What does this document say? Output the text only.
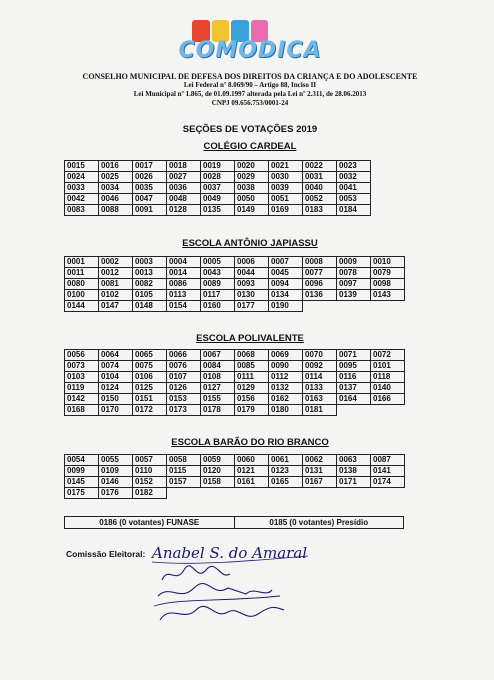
COMODICA
CONSELHO MUNICIPAL DE DEFESA DOS DIREITOS DA CRIANÇA E DO ADOLESCENTE
Lei Federal nº 8.069/90 – Artigo 88, Inciso II
Lei Municipal nº 1.865, de 01.09.1997 alterada pela Lei nº 2.311, de 28.06.2013
CNPJ 09.656.753/0001-24
SEÇÕES DE VOTAÇÕES 2019
COLÉGIO CARDEAL
0015	0016	0017	0018	0019	0020	0021	0022	0023
0024	0025	0026	0027	0028	0029	0030	0031	0032
0033	0034	0035	0036	0037	0038	0039	0040	0041
0042	0046	0047	0048	0049	0050	0051	0052	0053
0083	0088	0091	0128	0135	0149	0169	0183	0184
ESCOLA ANTÔNIO JAPIASSU
0001	0002	0003	0004	0005	0006	0007	0008	0009	0010
0011	0012	0013	0014	0043	0044	0045	0077	0078	0079
0080	0081	0082	0086	0089	0093	0094	0096	0097	0098
0100	0102	0105	0113	0117	0130	0134	0136	0139	0143
0144	0147	0148	0154	0160	0177	0190			
ESCOLA POLIVALENTE
0056	0064	0065	0066	0067	0068	0069	0070	0071	0072
0073	0074	0075	0076	0084	0085	0090	0092	0095	0101
0103	0104	0106	0107	0108	0111	0112	0114	0116	0118
0119	0124	0125	0126	0127	0129	0132	0133	0137	0140
0142	0150	0151	0153	0155	0156	0162	0163	0164	0166
0168	0170	0172	0173	0178	0179	0180	0181		
ESCOLA BARÃO DO RIO BRANCO
0054	0055	0057	0058	0059	0060	0061	0062	0063	0087
0099	0109	0110	0115	0120	0121	0123	0131	0138	0141
0145	0146	0152	0157	0158	0161	0165	0167	0171	0174
0175	0176	0182							
0186 (0 votantes) FUNASE	0185 (0 votantes) Presídio
Comissão Eleitoral: Anabel S. do Amaral
